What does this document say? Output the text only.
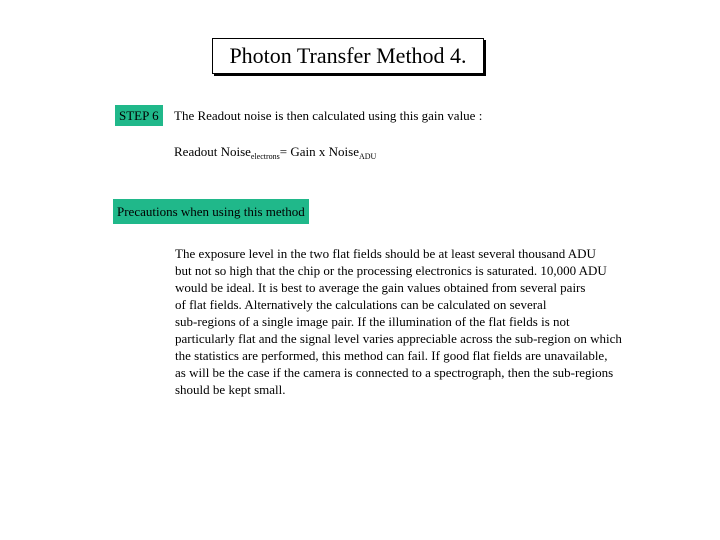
Photon Transfer Method 4.
STEP 6	The Readout noise is then calculated using this gain value :
Readout Noise$_{electrons}$= Gain x Noise$_{ADU}$
Precautions when using this method
The exposure level in the two flat fields should be at least several thousand ADU
but not so high that the chip or the processing electronics is saturated. 10,000 ADU
would be ideal. It is best to average the gain values obtained from several pairs
of flat fields. Alternatively the calculations can be calculated on several
sub-regions of a single image pair. If the illumination of the flat fields is not
particularly flat and the signal level varies appreciable across the sub-region on which
the statistics are performed, this method can fail. If good flat fields are unavailable,
as will be the case if the camera is connected to a spectrograph, then the sub-regions
should be kept small.
